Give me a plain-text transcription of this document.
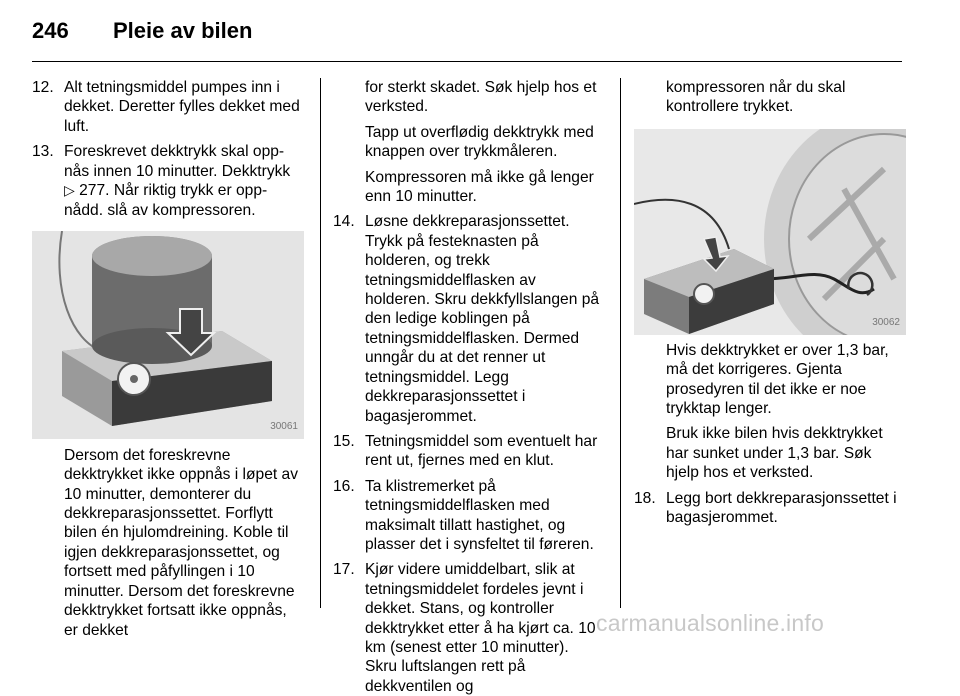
246 Pleie av bilen
12. Alt tetningsmiddel pumpes inn i dekket. Deretter fylles dekket med luft.

13. Foreskrevet dekktrykk skal opp-
nås innen 10 minutter. Dekktrykk
▷ 277. Når riktig trykk er opp-
nådd. slå av kompressoren.
30061

Dersom det foreskrevne dekktrykket ikke oppnås i løpet av 10 minutter, demonterer du dekkreparasjonssettet. Forflytt bilen én hjulomdreining. Koble til igjen dekkreparasjonssettet, og fortsett med påfyllingen i 10 minutter. Dersom det foreskrevne dekktrykket fortsatt ikke oppnås, er dekket

for sterkt skadet. Søk hjelp hos et verksted.

Tapp ut overflødig dekktrykk med knappen over trykkmåleren.

Kompressoren må ikke gå lenger enn 10 minutter.

14. Løsne dekkreparasjonssettet. Trykk på festeknasten på holderen, og trekk tetningsmiddelflasken av holderen. Skru dekkfyllslangen på den ledige koblingen på tetningsmiddelflasken. Dermed unngår du at det renner ut tetningsmiddel. Legg dekkreparasjonssettet i bagasjerommet.

15. Tetningsmiddel som eventuelt har rent ut, fjernes med en klut.

16. Ta klistremerket på tetningsmiddelflasken med maksimalt tillatt hastighet, og plasser det i synsfeltet til føreren.

17. Kjør videre umiddelbart, slik at tetningsmiddelet fordeles jevnt i dekket. Stans, og kontroller dekktrykket etter å ha kjørt ca. 10 km (senest etter 10 minutter). Skru luftslangen rett på dekkventilen og

kompressoren når du skal kontrollere trykket.

30062

Hvis dekktrykket er over 1,3 bar, må det korrigeres. Gjenta prosedyren til det ikke er noe trykktap lenger.

Bruk ikke bilen hvis dekktrykket har sunket under 1,3 bar. Søk hjelp hos et verksted.

18. Legg bort dekkreparasjonssettet i bagasjerommet.

carmanualsonline.info
